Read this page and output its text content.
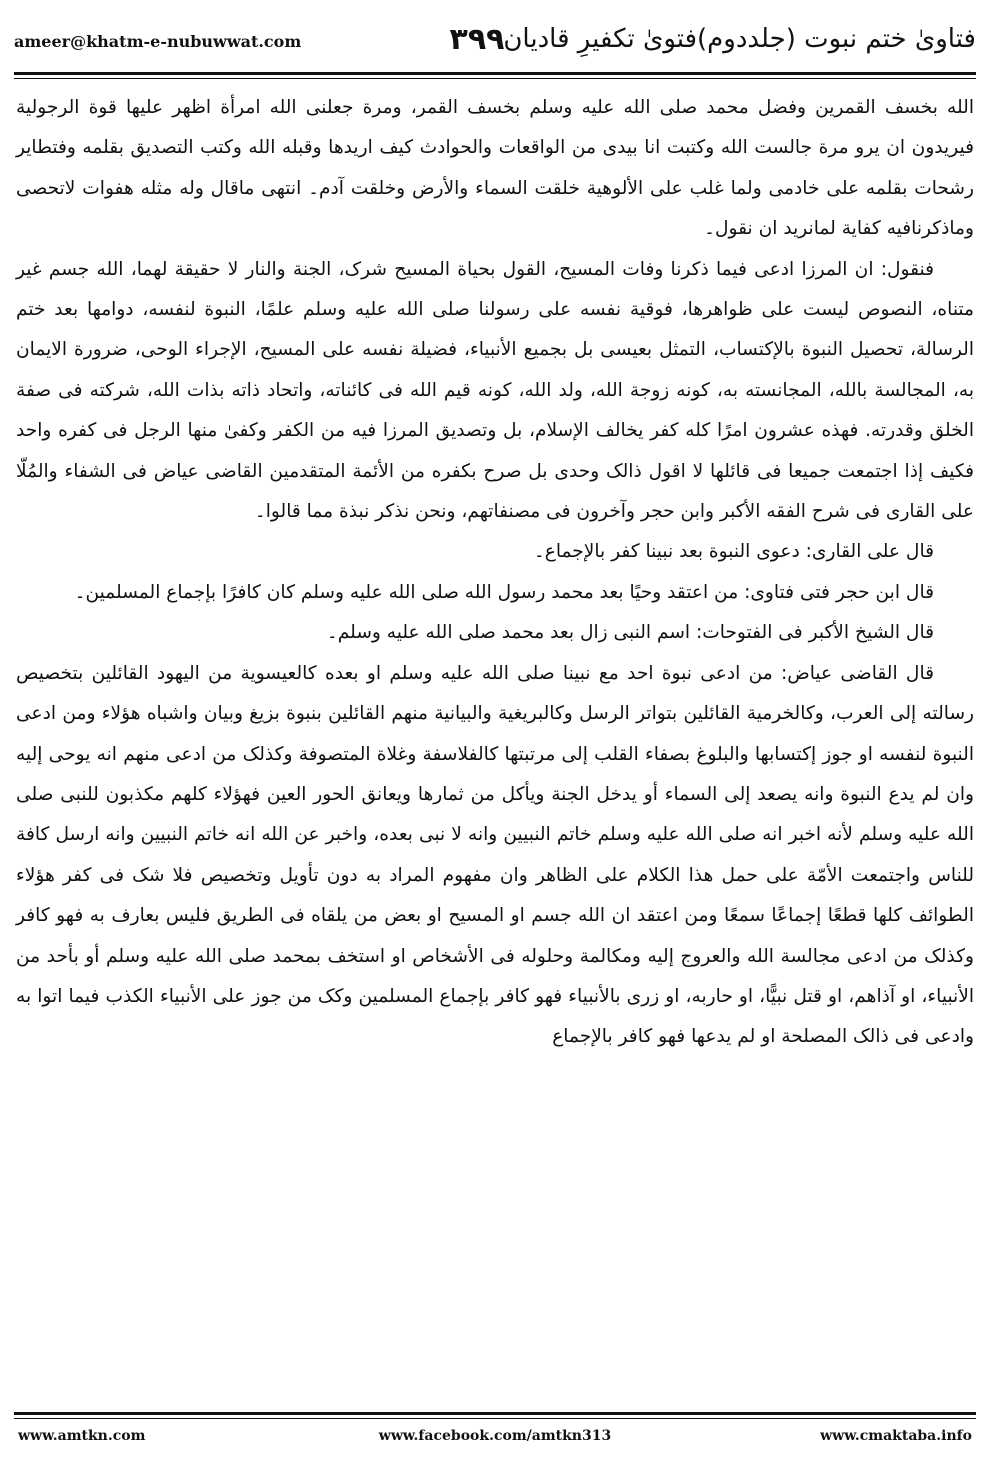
ameer@khatm-e-nubuwwat.com	۳۹۹
فتاویٰ ختم نبوت (جلددوم)فتویٰ تکفیرِ قادیان

الله بخسف القمرین وفضل محمد صلی الله علیه وسلم بخسف القمر، ومرة جعلنی الله امرأة اظهر علیها قوة الرجولیة فیریدون ان یرو مرة جالست الله وکتبت انا بیدی من الواقعات والحوادث کیف اریدها وقبله الله وکتب التصدیق بقلمه وفتطایر رشحات بقلمه علی خادمی ولما غلب علی الألوهیة خلقت السماء والأرض وخلقت آدم۔ انتهی ماقال وله مثله هفوات لاتحصی وماذکرنافیه کفایة لمانرید ان نقول۔

فنقول: ان المرزا ادعی فیما ذکرنا وفات المسیح، القول بحیاة المسیح شرک، الجنة والنار لا حقیقة لهما، الله جسم غیر متناه، النصوص لیست علی ظواهرها، فوقیة نفسه علی رسولنا صلی الله علیه وسلم علمًا، النبوة لنفسه، دوامها بعد ختم الرسالة، تحصیل النبوة بالإکتساب، التمثل بعیسی بل بجمیع الأنبیاء، فضیلة نفسه علی المسیح، الإجراء الوحی، ضرورة الایمان به، المجالسة بالله، المجانسته به، کونه زوجة الله، ولد الله، کونه قیم الله فی کائناته، واتحاد ذاته بذات الله، شرکته فی صفة الخلق وقدرته. فهذه عشرون امرًا کله کفر یخالف الإسلام، بل وتصدیق المرزا فیه من الکفر وکفیٰ منها الرجل فی کفره واحد فکیف إذا اجتمعت جمیعا فی قائلها لا اقول ذالک وحدی بل صرح بکفره من الأئمة المتقدمین القاضی عیاض فی الشفاء والمُلّا علی القاری فی شرح الفقه الأکبر وابن حجر وآخرون فی مصنفاتهم، ونحن نذکر نبذة مما قالوا۔

قال علی القاری: دعوی النبوة بعد نبینا کفر بالإجماع۔

قال ابن حجر فتی فتاوی: من اعتقد وحیًا بعد محمد رسول الله صلی الله علیه وسلم کان کافرًا بإجماع المسلمین۔

قال الشیخ الأکبر فی الفتوحات: اسم النبی زال بعد محمد صلی الله علیه وسلم۔

قال القاضی عیاض: من ادعی نبوة احد مع نبینا صلی الله علیه وسلم او بعده کالعیسویة من الیهود القائلین بتخصیص رسالته إلی العرب، وکالخرمیة القائلین بتواتر الرسل وکالبریغیة والبیانیة منهم القائلین بنبوة بزیغ وبیان واشباه هؤلاء ومن ادعی النبوة لنفسه او جوز إکتسابها والبلوغ بصفاء القلب إلی مرتبتها کالفلاسفة وغلاة المتصوفة وکذلک من ادعی منهم انه یوحی إلیه وان لم یدع النبوة وانه یصعد إلی السماء أو یدخل الجنة ویأکل من ثمارها ویعانق الحور العین فهؤلاء کلهم مکذبون للنبی صلی الله علیه وسلم لأنه اخبر انه صلی الله علیه وسلم خاتم النبیین وانه لا نبی بعده، واخبر عن الله انه خاتم النبیین وانه ارسل کافة للناس واجتمعت الأمّة علی حمل هذا الکلام علی الظاهر وان مفهوم المراد به دون تأویل وتخصیص فلا شک فی کفر هؤلاء الطوائف کلها قطعًا إجماعًا سمعًا ومن اعتقد ان الله جسم او المسیح او بعض من یلقاه فی الطریق فلیس بعارف به فهو کافر وکذلک من ادعی مجالسة الله والعروج إلیه ومکالمة وحلوله فی الأشخاص او استخف بمحمد صلی الله علیه وسلم أو بأحد من الأنبیاء، او آذاهم، او قتل نبیًّا، او حاربه، او زری بالأنبیاء فهو کافر بإجماع المسلمین وکک من جوز علی الأنبیاء الکذب فیما اتوا به وادعی فی ذالک المصلحة او لم یدعها فهو کافر بالإجماع

www.amtkn.com	www.facebook.com/amtkn313	www.cmaktaba.info
